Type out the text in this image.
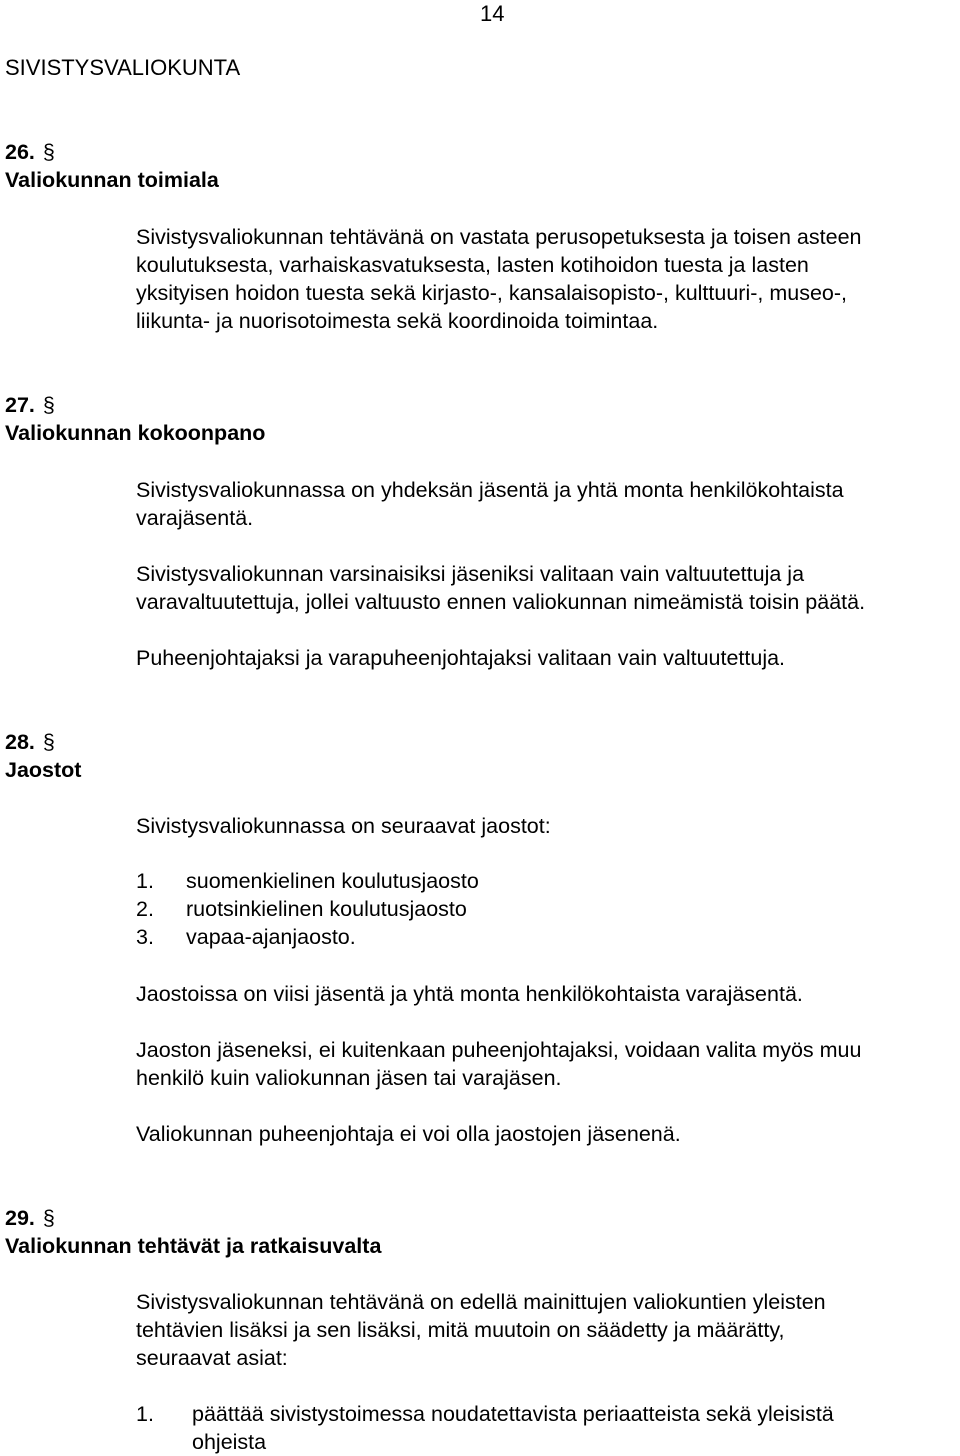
14
SIVISTYSVALIOKUNTA
26. §
Valiokunnan toimiala

Sivistysvaliokunnan tehtävänä on vastata perusopetuksesta ja toisen asteen

koulutuksesta, varhaiskasvatuksesta, lasten kotihoidon tuesta ja lasten

yksityisen hoidon tuesta sekä kirjasto-, kansalaisopisto-, kulttuuri-, museo-,

liikunta- ja nuorisotoimesta sekä koordinoida toimintaa.

27. §
Valiokunnan kokoonpano

Sivistysvaliokunnassa on yhdeksän jäsentä ja yhtä monta henkilökohtaista

varajäsentä.

Sivistysvaliokunnan varsinaisiksi jäseniksi valitaan vain valtuutettuja ja

varavaltuutettuja, jollei valtuusto ennen valiokunnan nimeämistä toisin päätä.

Puheenjohtajaksi ja varapuheenjohtajaksi valitaan vain valtuutettuja.

28. §
Jaostot
Sivistysvaliokunnassa on seuraavat jaostot:
1.	suomenkielinen koulutusjaosto
2.	ruotsinkielinen koulutusjaosto
3.	vapaa-ajanjaosto.

Jaostoissa on viisi jäsentä ja yhtä monta henkilökohtaista varajäsentä.

Jaoston jäseneksi, ei kuitenkaan puheenjohtajaksi, voidaan valita myös muu

henkilö kuin valiokunnan jäsen tai varajäsen.

Valiokunnan puheenjohtaja ei voi olla jaostojen jäsenenä.

29. §
Valiokunnan tehtävät ja ratkaisuvalta

Sivistysvaliokunnan tehtävänä on edellä mainittujen valiokuntien yleisten

tehtävien lisäksi ja sen lisäksi, mitä muutoin on säädetty ja määrätty,

seuraavat asiat:

1.	päättää sivistystoimessa noudatettavista periaatteista sekä yleisistä
ohjeista
